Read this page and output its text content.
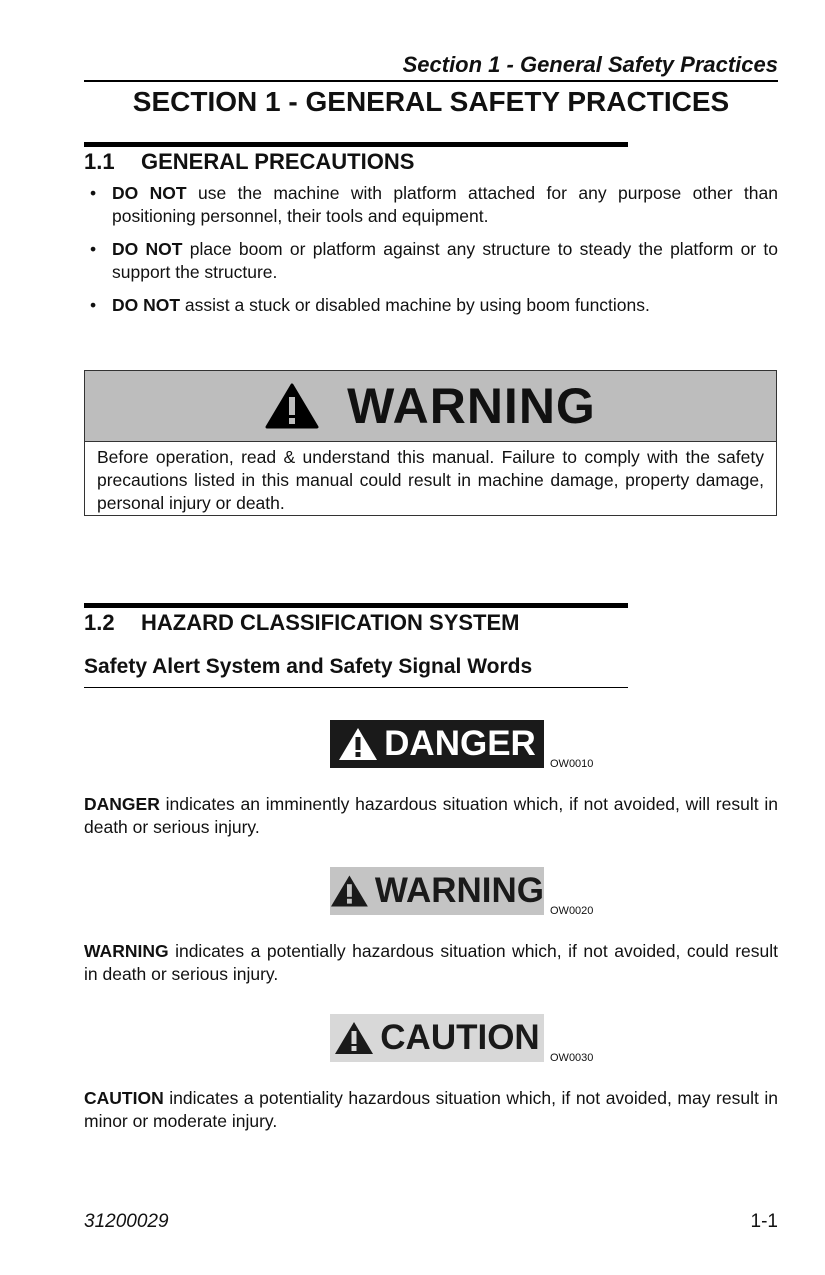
Section 1 - General Safety Practices
SECTION 1 - GENERAL SAFETY PRACTICES
1.1 GENERAL PRECAUTIONS
• DO NOT use the machine with platform attached for any purpose other than positioning personnel, their tools and equipment.
• DO NOT place boom or platform against any structure to steady the platform or to support the structure.
• DO NOT assist a stuck or disabled machine by using boom functions.
WARNING
Before operation, read & understand this manual. Failure to comply with the safety precautions listed in this manual could result in machine damage, property damage, personal injury or death.
1.2 HAZARD CLASSIFICATION SYSTEM
Safety Alert System and Safety Signal Words
DANGER
OW0010
DANGER indicates an imminently hazardous situation which, if not avoided, will result in death or serious injury.
WARNING
OW0020
WARNING indicates a potentially hazardous situation which, if not avoided, could result in death or serious injury.
CAUTION
OW0030
CAUTION indicates a potentiality hazardous situation which, if not avoided, may result in minor or moderate injury.
31200029	1-1
